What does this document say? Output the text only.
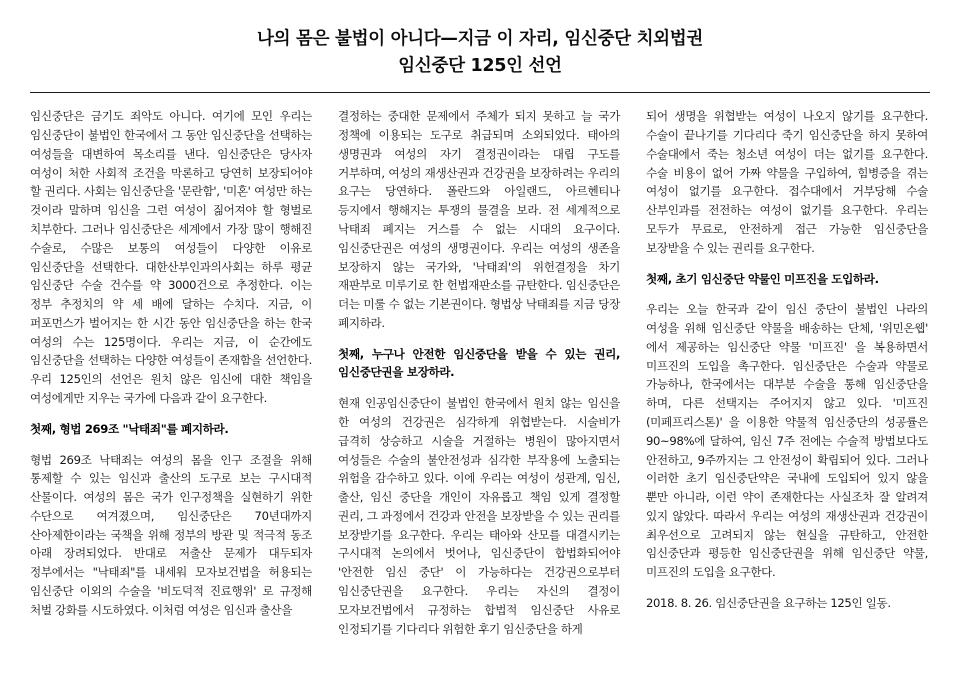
나의 몸은 불법이 아니다—지금 이 자리, 임신중단 치외법권
임신중단 125인 선언

임신중단은 금기도 죄악도 아니다. 여기에 모인 우리는 임신중단이 불법인 한국에서 그 동안 임신중단을 선택하는 여성들을 대변하여 목소리를 낸다. 임신중단은 당사자 여성이 처한 사회적 조건을 막론하고 당연히 보장되어야 할 권리다. 사회는 임신중단을 '문란함', '미혼' 여성만 하는 것이라 말하며 임신을 그런 여성이 짊어져야 할 형벌로 치부한다. 그러나 임신중단은 세계에서 가장 많이 행해진 수술로, 수많은 보통의 여성들이 다양한 이유로 임신중단을 선택한다. 대한산부인과의사회는 하루 평균 임신중단 수술 건수를 약 3000건으로 추정한다. 이는 정부 추정치의 약 세 배에 달하는 수치다. 지금, 이 퍼포먼스가 벌어지는 한 시간 동안 임신중단을 하는 한국 여성의 수는 125명이다. 우리는 지금, 이 순간에도 임신중단을 선택하는 다양한 여성들이 존재함을 선언한다. 우리 125인의 선언은 원치 않은 임신에 대한 책임을 여성에게만 지우는 국가에 다음과 같이 요구한다.

첫째, 형법 269조 "낙태죄"를 폐지하라.

형법 269조 낙태죄는 여성의 몸을 인구 조절을 위해 통제할 수 있는 임신과 출산의 도구로 보는 구시대적 산물이다. 여성의 몸은 국가 인구정책을 실현하기 위한 수단으로 여겨졌으며, 임신중단은 70년대까지 산아제한이라는 국책을 위해 정부의 방관 및 적극적 동조 아래 장려되었다. 반대로 저출산 문제가 대두되자 정부에서는 "낙태죄"를 내세워 모자보건법을 허용되는 임신중단 이외의 수술을 '비도덕적 진료행위' 로 규정해 처벌 강화를 시도하였다. 이처럼 여성은 임신과 출산을

결정하는 중대한 문제에서 주체가 되지 못하고 늘 국가 정책에 이용되는 도구로 취급되며 소외되었다. 태아의 생명권과 여성의 자기 결정권이라는 대립 구도를 거부하며, 여성의 재생산권과 건강권을 보장하려는 우리의 요구는 당연하다. 폴란드와 아일랜드, 아르헨티나 등지에서 행해지는 투쟁의 물결을 보라. 전 세계적으로 낙태죄 폐지는 거스를 수 없는 시대의 요구이다. 임신중단권은 여성의 생명권이다. 우리는 여성의 생존을 보장하지 않는 국가와, '낙태죄'의 위헌결정을 차기 재판부로 미루기로 한 헌법재판소를 규탄한다. 임신중단은 더는 미룰 수 없는 기본권이다. 형법상 낙태죄를 지금 당장 폐지하라.

첫째, 누구나 안전한 임신중단을 받을 수 있는 권리, 임신중단권을 보장하라.

현재 인공임신중단이 불법인 한국에서 원치 않는 임신을 한 여성의 건강권은 심각하게 위협받는다. 시술비가 급격히 상승하고 시술을 거절하는 병원이 많아지면서 여성들은 수술의 불안전성과 심각한 부작용에 노출되는 위험을 감수하고 있다. 이에 우리는 여성이 성관계, 임신, 출산, 임신 중단을 개인이 자유롭고 책임 있게 결정할 권리, 그 과정에서 건강과 안전을 보장받을 수 있는 권리를 보장받기를 요구한다. 우리는 태아와 산모를 대결시키는 구시대적 논의에서 벗어나, 임신중단이 합법화되어야 '안전한 임신 중단' 이 가능하다는 건강권으로부터 임신중단권을 요구한다. 우리는 자신의 결정이 모자보건법에서 규정하는 합법적 임신중단 사유로 인정되기를 기다리다 위험한 후기 임신중단을 하게

되어 생명을 위협받는 여성이 나오지 않기를 요구한다. 수술이 끝나기를 기다리다 죽기 임신중단을 하지 못하여 수술대에서 죽는 청소년 여성이 더는 없기를 요구한다. 수술 비용이 없어 가짜 약물을 구입하여, 힘병증을 겪는 여성이 없기를 요구한다. 접수대에서 거부당해 수술 산부인과를 전전하는 여성이 없기를 요구한다. 우리는 모두가 무료로, 안전하게 접근 가능한 임신중단을 보장받을 수 있는 권리를 요구한다.

첫째, 초기 임신중단 약물인 미프진을 도입하라.

우리는 오늘 한국과 같이 임신 중단이 불법인 나라의 여성을 위해 임신중단 약물을 배송하는 단체, '위민온웹' 에서 제공하는 임신중단 약물 '미프진' 을 복용하면서 미프진의 도입을 촉구한다. 임신중단은 수술과 약물로 가능하나, 한국에서는 대부분 수술을 통해 임신중단을 하며, 다른 선택지는 주어지지 않고 있다. '미프진(미페프리스톤)' 을 이용한 약물적 임신중단의 성공률은 90~98%에 달하여, 임신 7주 전에는 수술적 방법보다도 안전하고, 9주까지는 그 안전성이 확립되어 있다. 그러나 이러한 초기 임신중단약은 국내에 도입되어 있지 않을 뿐만 아니라, 이런 약이 존재한다는 사실조차 잘 알려져 있지 않았다. 따라서 우리는 여성의 재생산권과 건강권이 최우선으로 고려되지 않는 현실을 규탄하고, 안전한 임신중단과 평등한 임신중단권을 위해 임신중단 약물, 미프진의 도입을 요구한다.

2018. 8. 26. 임신중단권을 요구하는 125인 일동.
